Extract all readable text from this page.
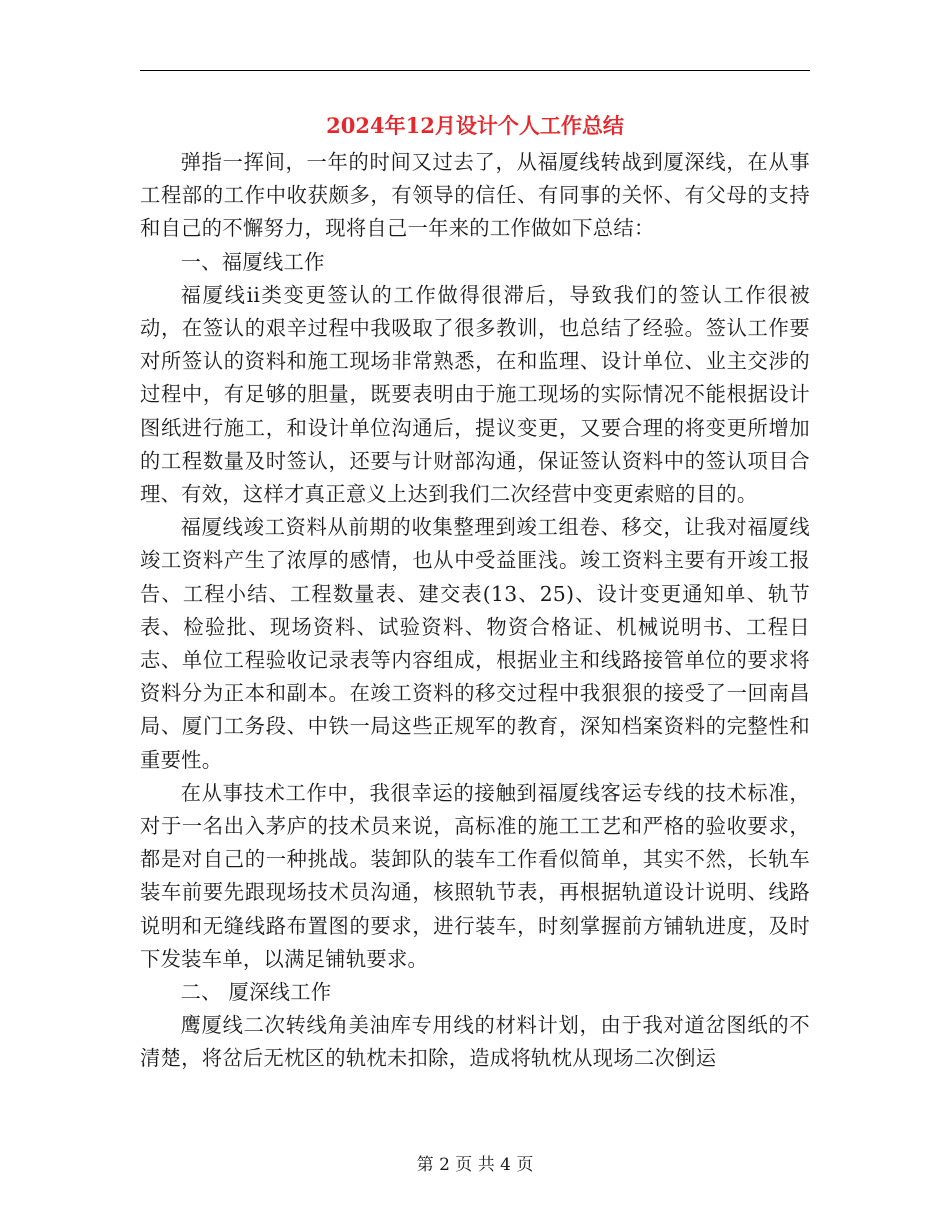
2024年12月设计个人工作总结

弹指一挥间，一年的时间又过去了，从福厦线转战到厦深线，在从事工程部的工作中收获颇多，有领导的信任、有同事的关怀、有父母的支持和自己的不懈努力，现将自己一年来的工作做如下总结：

一、福厦线工作

福厦线ii类变更签认的工作做得很滞后，导致我们的签认工作很被动，在签认的艰辛过程中我吸取了很多教训，也总结了经验。签认工作要对所签认的资料和施工现场非常熟悉，在和监理、设计单位、业主交涉的过程中，有足够的胆量，既要表明由于施工现场的实际情况不能根据设计图纸进行施工，和设计单位沟通后，提议变更，又要合理的将变更所增加的工程数量及时签认，还要与计财部沟通，保证签认资料中的签认项目合理、有效，这样才真正意义上达到我们二次经营中变更索赔的目的。

福厦线竣工资料从前期的收集整理到竣工组卷、移交，让我对福厦线竣工资料产生了浓厚的感情，也从中受益匪浅。竣工资料主要有开竣工报告、工程小结、工程数量表、建交表(13、25)、设计变更通知单、轨节表、检验批、现场资料、试验资料、物资合格证、机械说明书、工程日志、单位工程验收记录表等内容组成，根据业主和线路接管单位的要求将资料分为正本和副本。在竣工资料的移交过程中我狠狠的接受了一回南昌局、厦门工务段、中铁一局这些正规军的教育，深知档案资料的完整性和重要性。

在从事技术工作中，我很幸运的接触到福厦线客运专线的技术标准，对于一名出入茅庐的技术员来说，高标准的施工工艺和严格的验收要求，都是对自己的一种挑战。装卸队的装车工作看似简单，其实不然，长轨车装车前要先跟现场技术员沟通，核照轨节表，再根据轨道设计说明、线路说明和无缝线路布置图的要求，进行装车，时刻掌握前方铺轨进度，及时下发装车单，以满足铺轨要求。

二、 厦深线工作

鹰厦线二次转线角美油库专用线的材料计划，由于我对道岔图纸的不清楚，将岔后无枕区的轨枕未扣除，造成将轨枕从现场二次倒运

第 2 页 共 4 页
